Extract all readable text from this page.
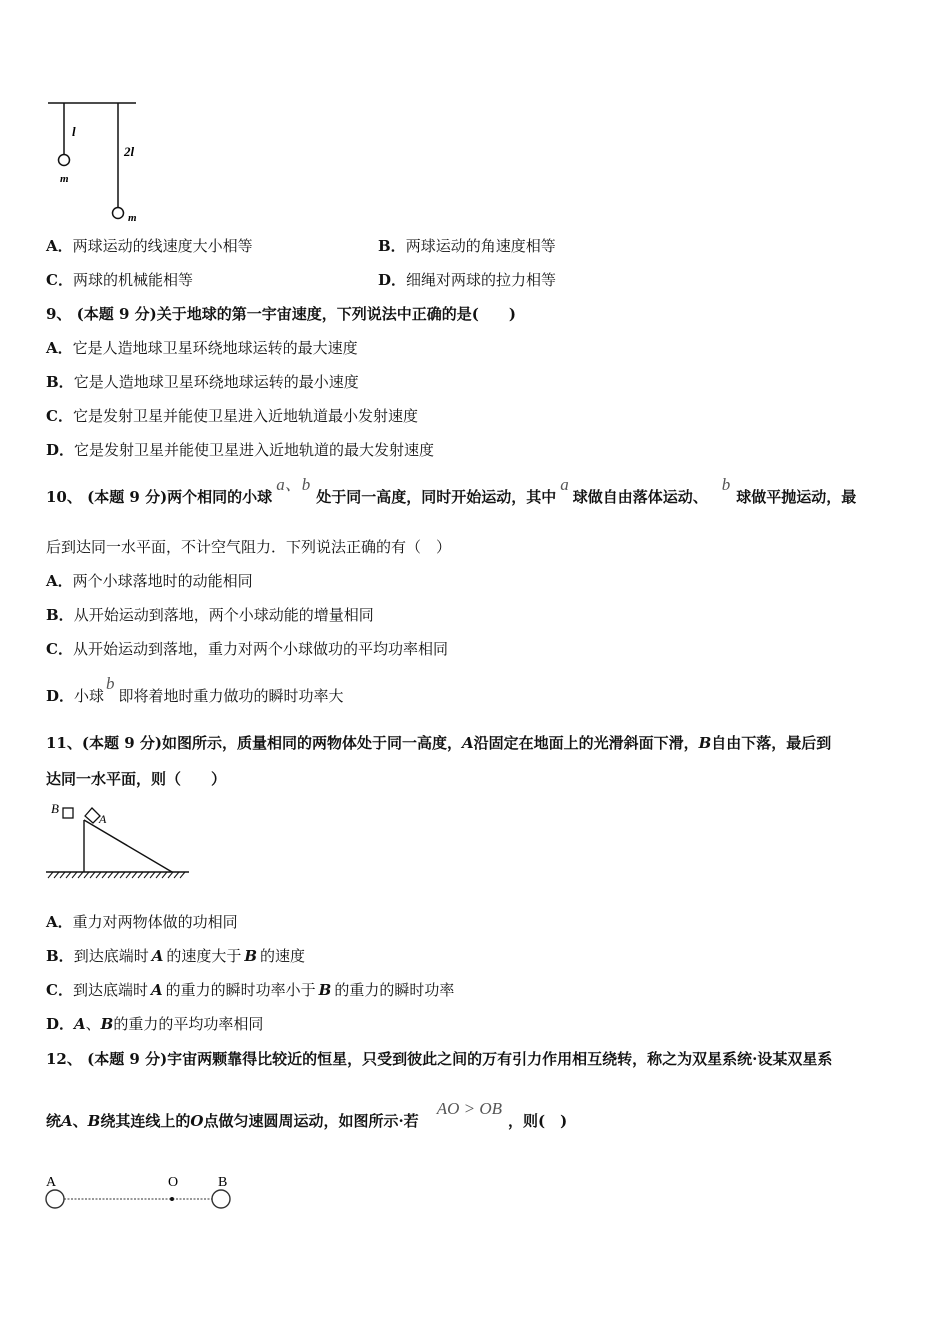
l
2l
m
m
A．两球运动的线速度大小相等	B．两球运动的角速度相等
C．两球的机械能相等	D．细绳对两球的拉力相等
9、 (本题 9 分)关于地球的第一宇宙速度，下列说法中正确的是(　　)
A．它是人造地球卫星环绕地球运转的最大速度
B．它是人造地球卫星环绕地球运转的最小速度
C．它是发射卫星并能使卫星进入近地轨道最小发射速度
D．它是发射卫星并能使卫星进入近地轨道的最大发射速度
10、 (本题 9 分)两个相同的小球a、b处于同一高度，同时开始运动，其中a球做自由落体运动、b球做平抛运动，最
后到达同一水平面，不计空气阻力．下列说法正确的有（　）
A．两个小球落地时的动能相同
B．从开始运动到落地，两个小球动能的增量相同
C．从开始运动到落地，重力对两个小球做功的平均功率相同
D．小球b即将着地时重力做功的瞬时功率大
11、(本题 9 分)如图所示，质量相同的两物体处于同一高度，A沿固定在地面上的光滑斜面下滑，B自由下落，最后到
达同一水平面，则（　　）
B
A
A．重力对两物体做的功相同
B．到达底端时 A 的速度大于 B 的速度
C．到达底端时 A 的重力的瞬时功率小于 B 的重力的瞬时功率
D．A、B的重力的平均功率相同
12、 (本题 9 分)宇宙两颗靠得比较近的恒星，只受到彼此之间的万有引力作用相互绕转，称之为双星系统·设某双星系
统A、B绕其连线上的O点做匀速圆周运动，如图所示·若AO > OB，则(　)
A	O	B
